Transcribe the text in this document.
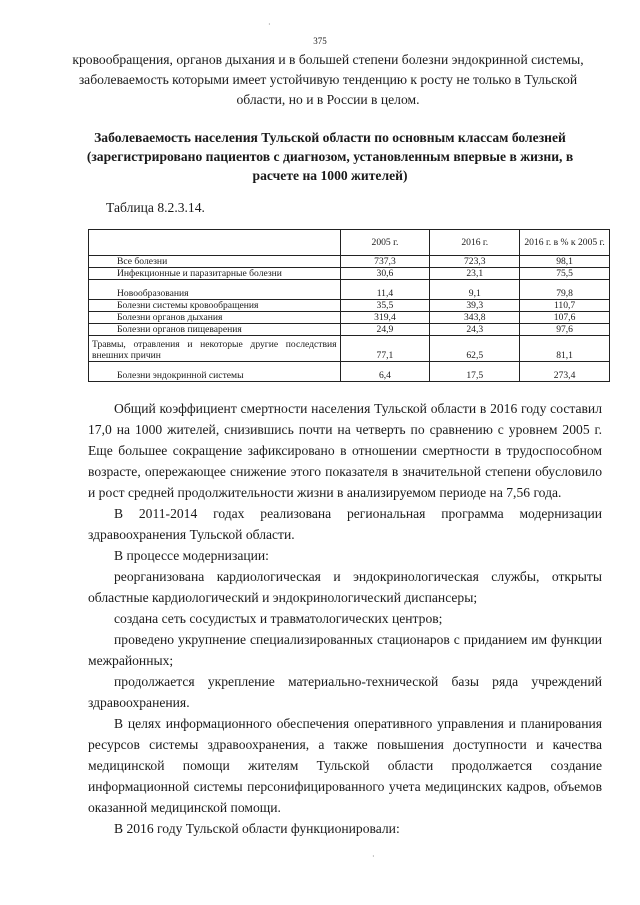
·
375
кровообращения, органов дыхания и в большей степени болезни эндокринной системы, заболеваемость которыми имеет устойчивую тенденцию к росту не только в Тульской области, но и в России в целом.
Заболеваемость населения Тульской области по основным классам болезней (зарегистрировано пациентов с диагнозом, установленным впервые в жизни, в расчете на 1000 жителей)
Таблица 8.2.3.14.
	2005 г.	2016 г.	2016 г. в % к 2005 г.
Все болезни	737,3	723,3	98,1
Инфекционные и паразитарные болезни	30,6	23,1	75,5
Новообразования	11,4	9,1	79,8
Болезни системы кровообращения	35,5	39,3	110,7
Болезни органов дыхания	319,4	343,8	107,6
Болезни органов пищеварения	24,9	24,3	97,6
Травмы, отравления и некоторые другие последствия внешних причин	77,1	62,5	81,1
Болезни эндокринной системы	6,4	17,5	273,4

Общий коэффициент смертности населения Тульской области в 2016 году составил 17,0 на 1000 жителей, снизившись почти на четверть по сравнению с уровнем 2005 г. Еще большее сокращение зафиксировано в отношении смертности в трудоспособном возрасте, опережающее снижение этого показателя в значительной степени обусловило и рост средней продолжительности жизни в анализируемом периоде на 7,56 года.

В 2011-2014 годах реализована региональная программа модернизации здравоохранения Тульской области.

В процессе модернизации:

реорганизована кардиологическая и эндокринологическая службы, открыты областные кардиологический и эндокринологический диспансеры;

создана сеть сосудистых и травматологических центров;

проведено укрупнение специализированных стационаров с приданием им функции межрайонных;

продолжается укрепление материально-технической базы ряда учреждений здравоохранения.

В целях информационного обеспечения оперативного управления и планирования ресурсов системы здравоохранения, а также повышения доступности и качества медицинской помощи жителям Тульской области продолжается создание информационной системы персонифицированного учета медицинских кадров, объемов оказанной медицинской помощи.

В 2016 году Тульской области функционировали:

·
